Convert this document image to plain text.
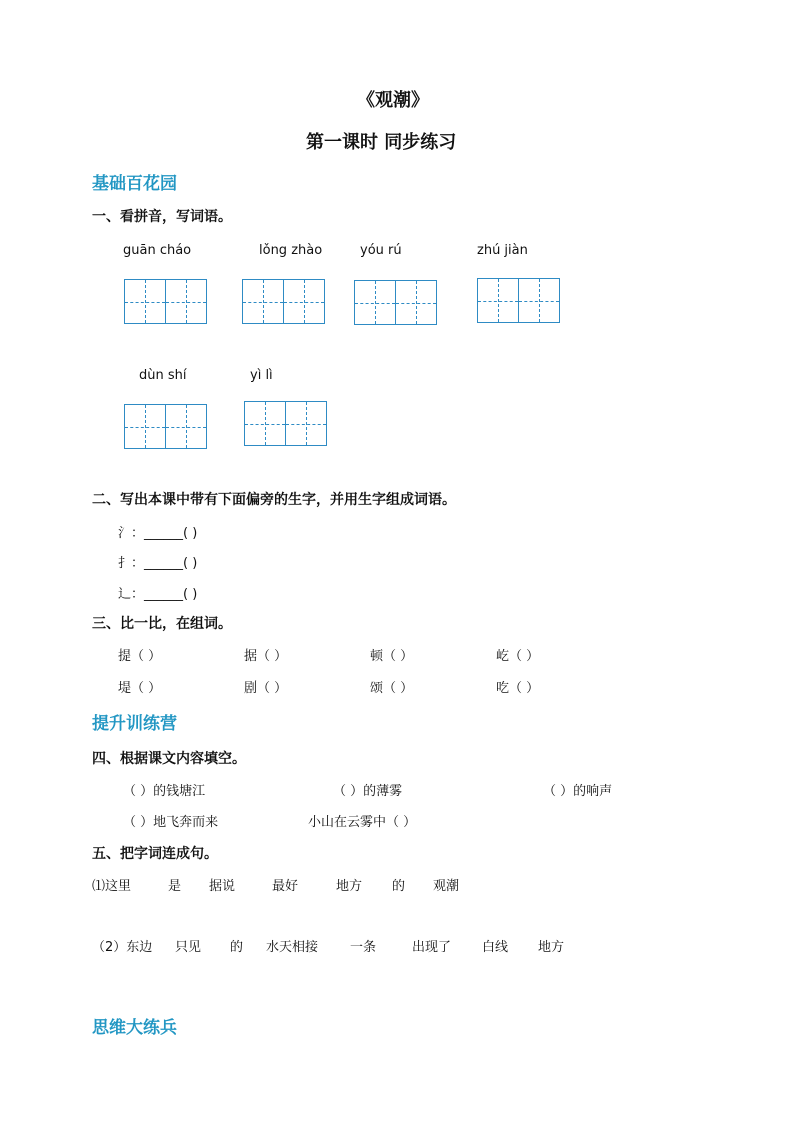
《观潮》
第一课时 同步练习
基础百花园
一、看拼音，写词语。
guān cháo	lǒng zhào	yóu rú	zhú jiàn
dùn shí	yì lì
二、写出本课中带有下面偏旁的生字，并用生字组成词语。
氵：______( )
扌：______( )
辶：______( )
三、比一比，在组词。
提（ ）	据（ ）	顿（ ）	屹（ ）
堤（ ）	剧（ ）	颂（ ）	吃（ ）
提升训练营
四、根据课文内容填空。
（ ）的钱塘江	（ ）的薄雾	（ ）的响声
（ ）地飞奔而来	小山在云雾中（ ）
五、把字词连成句。
⑴这里	是 据说	最好	地方 的 观潮
（2）东边 只见 的 水天相接 一条	出现了 白线 地方
思维大练兵
